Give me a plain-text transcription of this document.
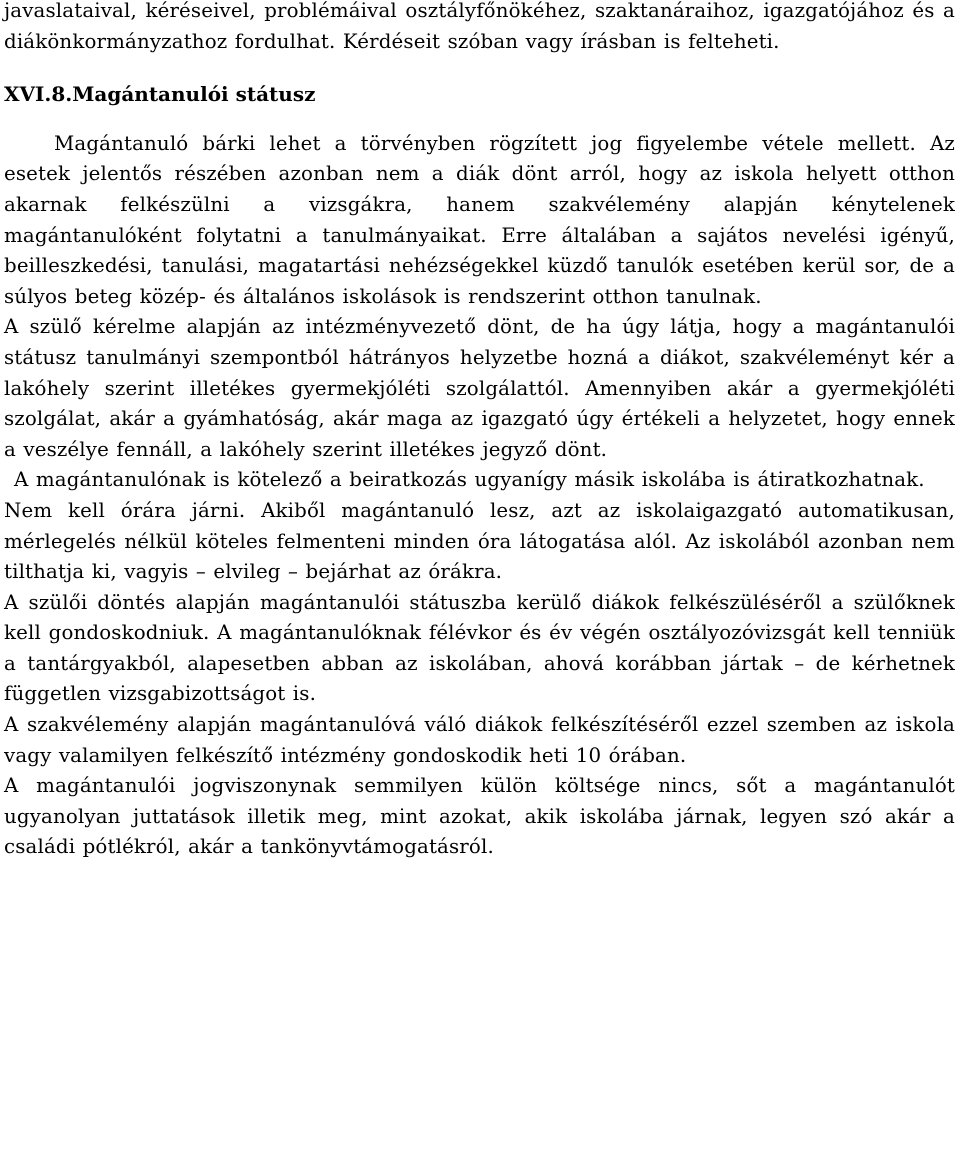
javaslataival, kéréseivel, problémáival osztályfőnökéhez, szaktanáraihoz, igazgatójához és a diákönkormányzathoz fordulhat. Kérdéseit szóban vagy írásban is felteheti.

XVI.8.Magántanulói státusz

Magántanuló bárki lehet a törvényben rögzített jog figyelembe vétele mellett. Az esetek jelentős részében azonban nem a diák dönt arról, hogy az iskola helyett otthon akarnak felkészülni a vizsgákra, hanem szakvélemény alapján kénytelenek magántanulóként folytatni a tanulmányaikat. Erre általában a sajátos nevelési igényű, beilleszkedési, tanulási, magatartási nehézségekkel küzdő tanulók esetében kerül sor, de a súlyos beteg közép- és általános iskolások is rendszerint otthon tanulnak.

A szülő kérelme alapján az intézményvezető dönt, de ha úgy látja, hogy a magántanulói státusz tanulmányi szempontból hátrányos helyzetbe hozná a diákot, szakvéleményt kér a lakóhely szerint illetékes gyermekjóléti szolgálattól. Amennyiben akár a gyermekjóléti szolgálat, akár a gyámhatóság, akár maga az igazgató úgy értékeli a helyzetet, hogy ennek a veszélye fennáll, a lakóhely szerint illetékes jegyző dönt.

A magántanulónak is kötelező a beiratkozás ugyanígy másik iskolába is átiratkozhatnak.

Nem kell órára járni. Akiből magántanuló lesz, azt az iskolaigazgató automatikusan, mérlegelés nélkül köteles felmenteni minden óra látogatása alól. Az iskolából azonban nem tilthatja ki, vagyis – elvileg – bejárhat az órákra.

A szülői döntés alapján magántanulói státuszba kerülő diákok felkészüléséről a szülőknek kell gondoskodniuk. A magántanulóknak félévkor és év végén osztályozóvizsgát kell tenniük a tantárgyakból, alapesetben abban az iskolában, ahová korábban jártak – de kérhetnek független vizsgabizottságot is.

A szakvélemény alapján magántanulóvá váló diákok felkészítéséről ezzel szemben az iskola vagy valamilyen felkészítő intézmény gondoskodik heti 10 órában.

A magántanulói jogviszonynak semmilyen külön költsége nincs, sőt a magántanulót ugyanolyan juttatások illetik meg, mint azokat, akik iskolába járnak, legyen szó akár a családi pótlékról, akár a tankönyvtámogatásról.
